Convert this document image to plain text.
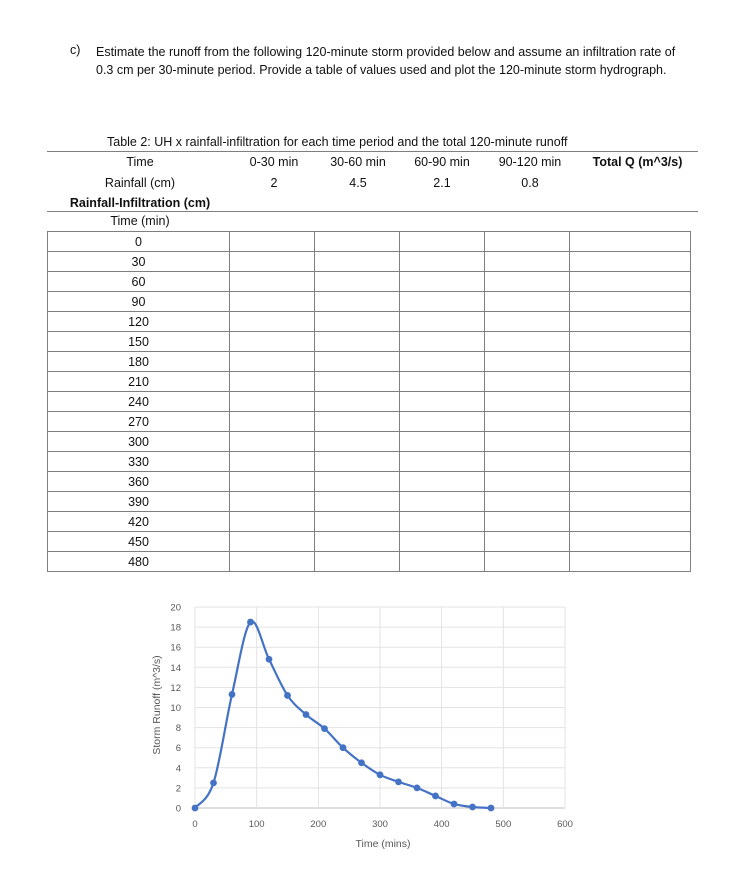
c) Estimate the runoff from the following 120-minute storm provided below and assume an infiltration rate of 0.3 cm per 30-minute period. Provide a table of values used and plot the 120-minute storm hydrograph.
Table 2: UH x rainfall-infiltration for each time period and the total 120-minute runoff
Time	0-30 min	30-60 min	60-90 min	90-120 min	Total Q (m^3/s)
Rainfall (cm)	2	4.5	2.1	0.8
Rainfall-Infiltration (cm)
Time (min)
0					
30					
60					
90					
120					
150					
180					
210					
240					
270					
300					
330					
360					
390					
420					
450					
480					
0
2
4
6
8
10
12
14
16
18
20
0	100	200	300	400	500	600
Storm Runoff (m^3/s)
Time (mins)
